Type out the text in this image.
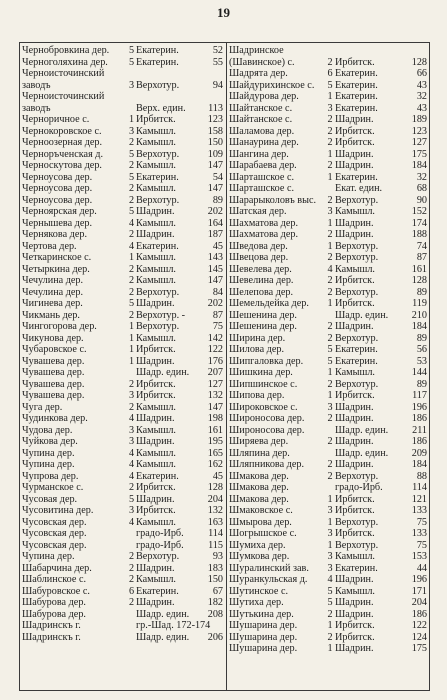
19
Чернобровкина дер.	5 Екатерин.	52
Черноголяхина дер.	5 Екатерин.	55
Черноисточинский заводъ	3 Верхотур.	94
Черноисточинский заводъ	Верх. един.	113
Черноричное с.	1 Ирбитск.	123
Чернокоровское с.	3 Камышл.	158
Черноозерная дер.	2 Камышл.	150
Черноръченская д.	5 Верхотур.	109
Черноскутова дер.	2 Камышл.	147
Черноусова дер.	5 Екатерин.	54
Черноусова дер.	2 Камышл.	147
Черноусова дер.	2 Верхотур.	89
Черноярская дер.	5 Шадрин.	202
Чернышева дер.	4 Камышл.	164
Чернякова дер.	2 Шадрин.	187
Чертова дер.	4 Екатерин.	45
Четкаринское с.	1 Камышл.	143
Четыркина дер.	2 Камышл.	145
Чечулина дер.	2 Камышл.	147
Чечулина дер.	2 Верхотур.	84
Чигинева дер.	5 Шадрин.	202
Чикмань дер.	2 Верхотур. -	87
Чингогорова дер.	1 Верхотур.	75
Чикунова дер.	1 Камышл.	142
Чубаровское с.	1 Ирбитск.	122
Чувашева дер.	1 Шадрин.	176
Чувашева дер.	Шадр. един.	207
Чувашева дер.	2 Ирбитск.	127
Чувашева дер.	3 Ирбитск.	132
Чуга дер.	2 Камышл.	147
Чудинкова дер.	4 Шадрин.	198
Чудова дер.	3 Камышл.	161
Чуйкова дер.	3 Шадрин.	195
Чупина дер.	4 Камышл.	165
Чупина дер.	4 Камышл.	162
Чупрова дер.	4 Екатерин.	45
Чурманское с.	2 Ирбитск.	128
Чусовая дер.	5 Шадрин.	204
Чусовитина дер.	3 Ирбитск.	132
Чусовская дер.	4 Камышл.	163
Чусовская дер.	градо-Ирб.	114
Чусовская дер.	градо-Ирб.	115
Чупина дер.	2 Верхотур.	93
Шабарчина дер.	2 Шадрин.	183
Шаблинское с.	2 Камышл.	150
Шабуровское с.	6 Екатерин.	67
Шабурова дер.	2 Шадрин.	182
Шабурова дер.	Шадр. един.	208
Шадринскъ г.	гр.-Шад. 172-174
Шадринскъ г.	Шадр. един.	206
Шадринское (Шавинское) с.	2 Ирбитск.	128
Шадрята дер.	6 Екатерин.	66
Шайдурихинское с.	5 Екатерин.	43
Шайдурова дер.	1 Екатерин.	32
Шайтанское с.	3 Екатерин.	43
Шайтанское с.	2 Шадрин.	189
Шаламова дер.	2 Ирбитск.	123
Шанаурина дер.	2 Ирбитск.	127
Шангина дер.	1 Шадрин.	175
Шарабаева дер.	2 Шадрин.	184
Шарташское с.	1 Екатерин.	32
Шарташское с.	Екат. един.	68
Шарарыколовъ выс.	2 Верхотур.	90
Шатская дер.	3 Камышл.	152
Шахматова дер.	1 Шадрин.	174
Шахматова дер.	2 Шадрин.	188
Шведова дер.	1 Верхотур.	74
Швецова дер.	2 Верхотур.	87
Шевелева дер.	4 Камышл.	161
Шевелина дер.	2 Ирбитск.	128
Шелепова дер.	2 Верхотур.	89
Шемельдейка дер.	1 Ирбитск.	119
Шешенина дер.	Шадр. един.	210
Шешенина дер.	2 Шадрин.	184
Ширина дер.	2 Верхотур.	89
Шилова дер.	5 Екатерин.	56
Шипгаловка дер.	5 Екатерин.	53
Шишкина дер.	1 Камышл.	144
Шипшинское с.	2 Верхотур.	89
Шипова дер.	1 Ирбитск.	117
Широковское с.	3 Шадрин.	196
Широносова дер.	2 Шадрин.	186
Широносова дер.	Шадр. един.	211
Ширяева дер.	2 Шадрин.	186
Шляпина дер.	Шадр. един.	209
Шляпникова дер.	2 Шадрин.	184
Шмакова дер.	2 Верхотур.	88
Шмакова дер.	градо-Ирб.	114
Шмакова дер.	1 Ирбитск.	121
Шмаковское с.	3 Ирбитск.	133
Шмырова дер.	1 Верхотур.	75
Шогрышское с.	3 Ирбитск.	133
Шумиха дер.	1 Верхотур.	75
Шумкова дер.	3 Камышл.	153
Шуралинский зав.	3 Екатерин.	44
Шуранкульская д.	4 Шадрин.	196
Шутинское с.	5 Камышл.	171
Шутиха дер.	5 Шадрин.	204
Шутькина дер.	2 Шадрин.	186
Шушарина дер.	1 Ирбитск.	122
Шушарина дер.	2 Ирбитск.	124
Шушарина дер.	1 Шадрин.	175
